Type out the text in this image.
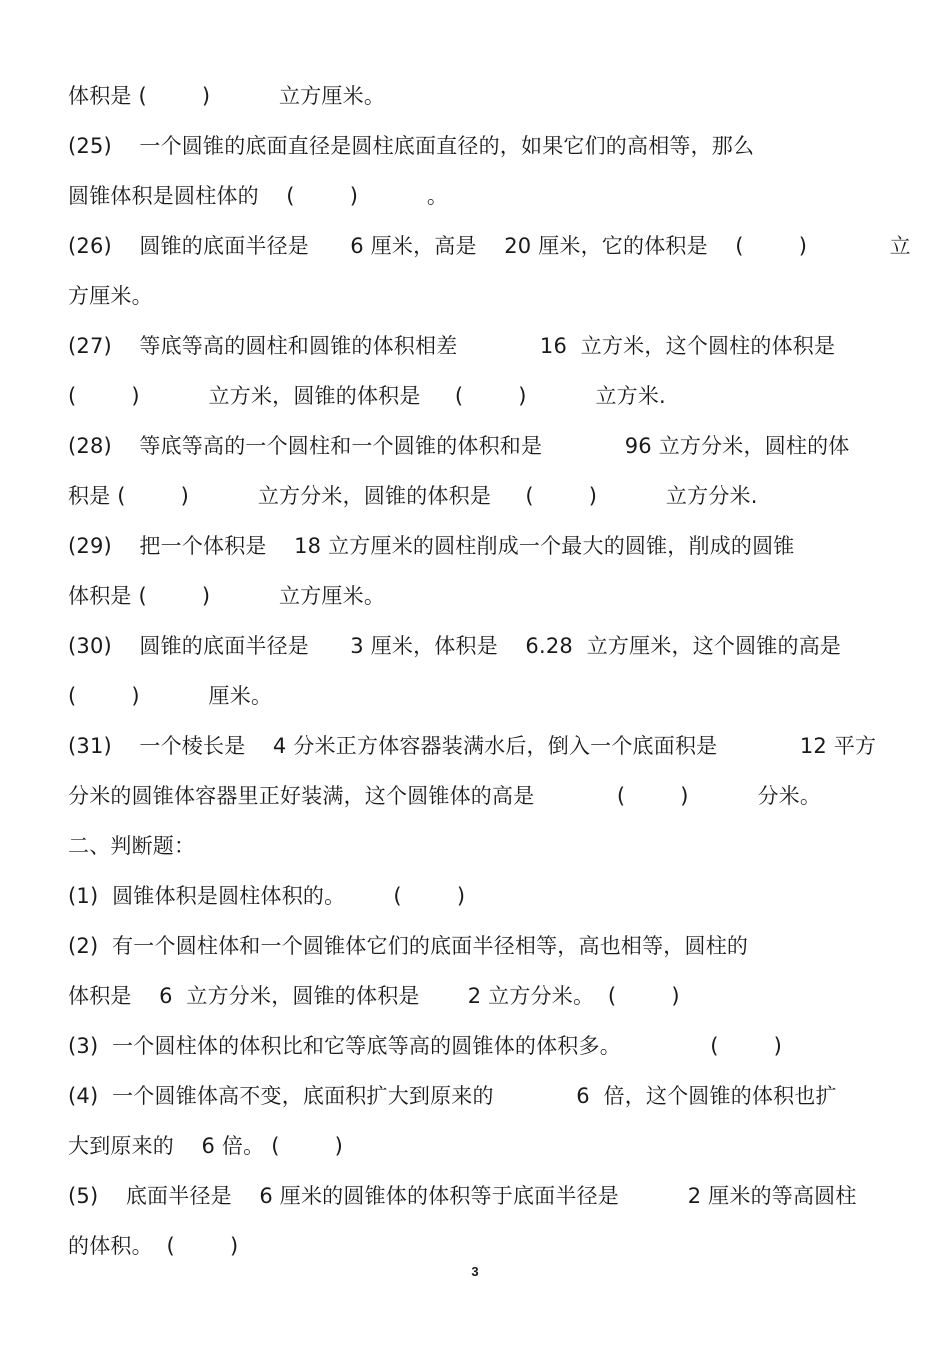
体积是 (        )          立方厘米。
(25)    一个圆锥的底面直径是圆柱底面直径的，如果它们的高相等，那么
圆锥体积是圆柱体的    (        )          。
(26)    圆锥的底面半径是      6 厘米，高是    20 厘米，它的体积是    (        )            立
方厘米。
(27)    等底等高的圆柱和圆锥的体积相差            16  立方米，这个圆柱的体积是
(        )          立方米，圆锥的体积是     (        )          立方米.
(28)    等底等高的一个圆柱和一个圆锥的体积和是            96 立方分米，圆柱的体
积是 (        )          立方分米，圆锥的体积是     (        )          立方分米.
(29)    把一个体积是    18 立方厘米的圆柱削成一个最大的圆锥，削成的圆锥
体积是 (        )          立方厘米。
(30)    圆锥的底面半径是      3 厘米，体积是    6.28  立方厘米，这个圆锥的高是
(        )          厘米。
(31)    一个棱长是    4 分米正方体容器装满水后，倒入一个底面积是            12 平方
分米的圆锥体容器里正好装满，这个圆锥体的高是            (        )          分米。
二、判断题：
(1)  圆锥体积是圆柱体积的。       (        )
(2)  有一个圆柱体和一个圆锥体它们的底面半径相等，高也相等，圆柱的
体积是    6  立方分米，圆锥的体积是       2 立方分米。  (        )
(3)  一个圆柱体的体积比和它等底等高的圆锥体的体积多。             (        )
(4)  一个圆锥体高不变，底面积扩大到原来的            6  倍，这个圆锥的体积也扩
大到原来的    6 倍。 (        )
(5)    底面半径是    6 厘米的圆锥体的体积等于底面半径是          2 厘米的等高圆柱
的体积。  (        )
3
